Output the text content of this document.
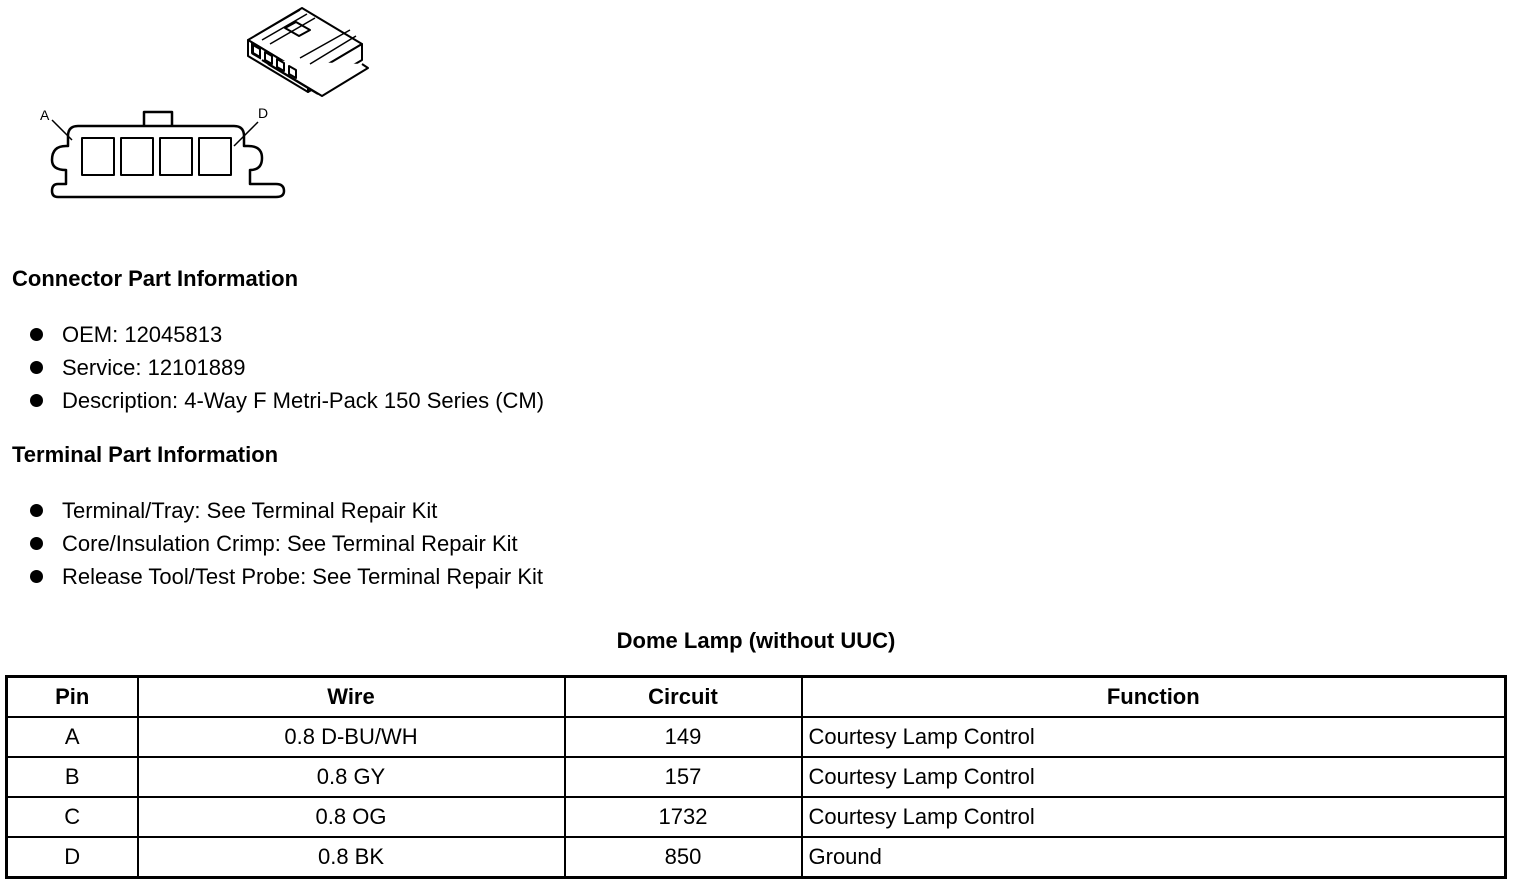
A	D
Connector Part Information
OEM: 12045813
Service: 12101889
Description: 4-Way F Metri-Pack 150 Series (CM)
Terminal Part Information
Terminal/Tray: See Terminal Repair Kit
Core/Insulation Crimp: See Terminal Repair Kit
Release Tool/Test Probe: See Terminal Repair Kit
Dome Lamp (without UUC)
Pin	Wire	Circuit	Function
A	0.8 D-BU/WH	149	Courtesy Lamp Control
B	0.8 GY	157	Courtesy Lamp Control
C	0.8 OG	1732	Courtesy Lamp Control
D	0.8 BK	850	Ground
